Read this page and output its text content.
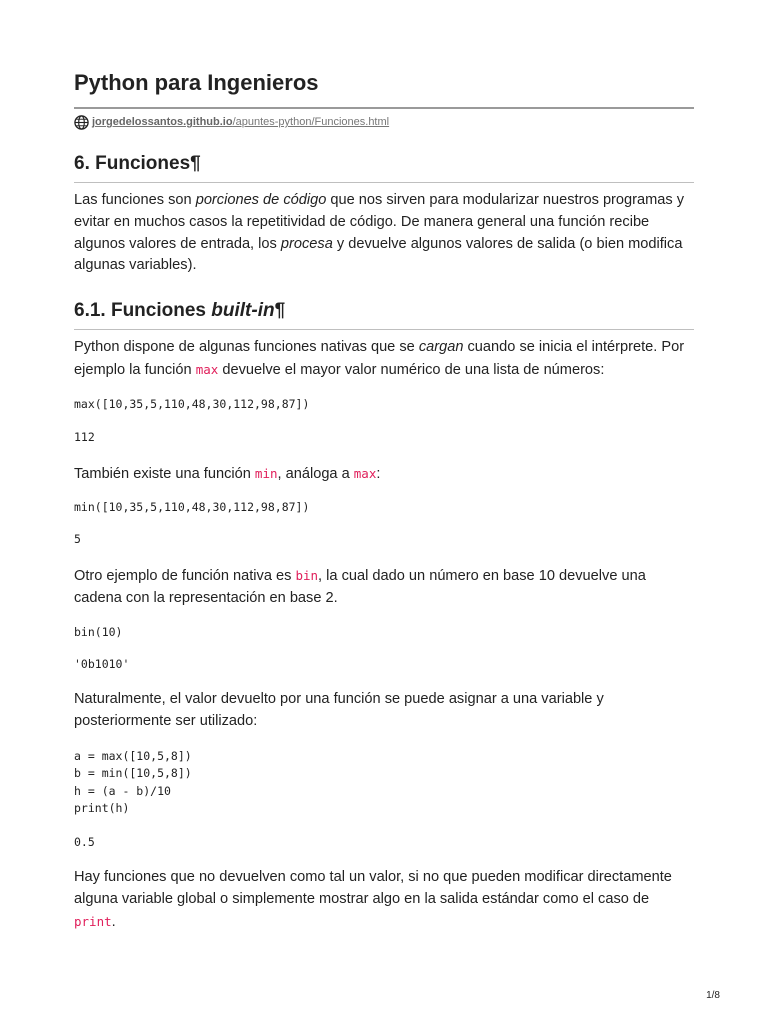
Python para Ingenieros
jorgedelossantos.github.io/apuntes-python/Funciones.html
6. Funciones¶

Las funciones son porciones de código que nos sirven para modularizar nuestros programas y evitar en muchos casos la repetitividad de código. De manera general una función recibe algunos valores de entrada, los procesa y devuelve algunos valores de salida (o bien modifica algunas variables).

6.1. Funciones built-in¶

Python dispone de algunas funciones nativas que se cargan cuando se inicia el intérprete. Por ejemplo la función max devuelve el mayor valor numérico de una lista de números:

max([10,35,5,110,48,30,112,98,87])
112

También existe una función min, análoga a max:

min([10,35,5,110,48,30,112,98,87])
5

Otro ejemplo de función nativa es bin, la cual dado un número en base 10 devuelve una cadena con la representación en base 2.

bin(10)
'0b1010'

Naturalmente, el valor devuelto por una función se puede asignar a una variable y posteriormente ser utilizado:

a = max([10,5,8])
b = min([10,5,8])
h = (a - b)/10
print(h)
0.5

Hay funciones que no devuelven como tal un valor, si no que pueden modificar directamente alguna variable global o simplemente mostrar algo en la salida estándar como el caso de print.

1/8
